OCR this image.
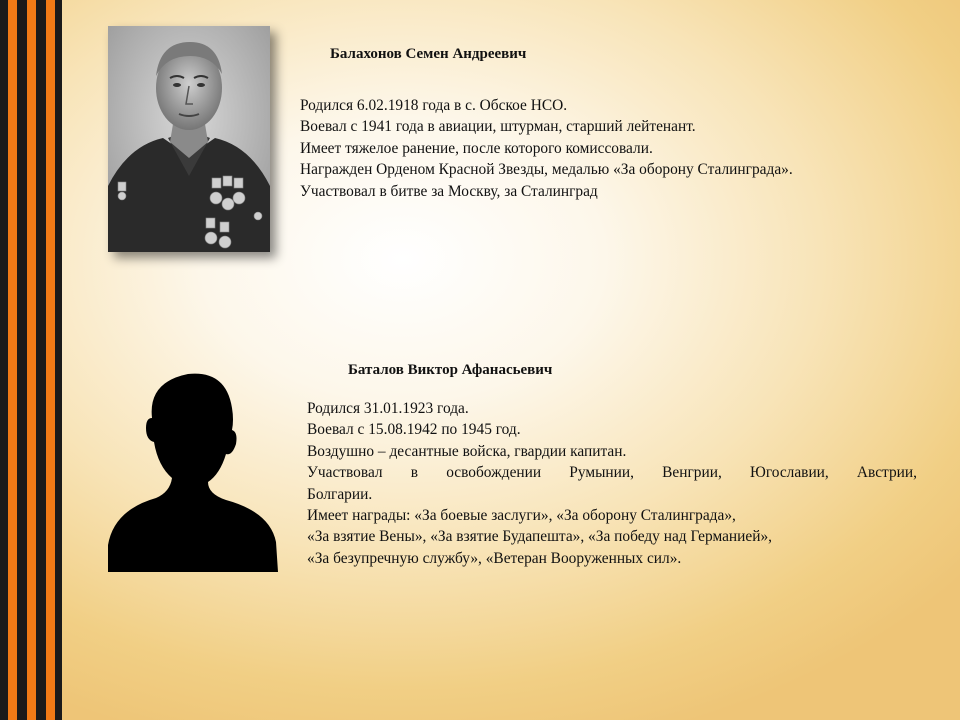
Балахонов Семен Андреевич

Родился 6.02.1918 года в с. Обское НСО.

Воевал с 1941 года в авиации, штурман, старший лейтенант.

Имеет тяжелое ранение, после которого комиссовали.

Награжден Орденом Красной Звезды, медалью «За оборону Сталинграда».

Участвовал в битве за Москву, за Сталинград

Баталов Виктор Афанасьевич

Родился 31.01.1923 года.

Воевал с 15.08.1942 по 1945 год.

Воздушно – десантные войска, гвардии капитан.

Участвовал в освобождении Румынии, Венгрии, Югославии, Австрии,

Болгарии.

Имеет награды: «За боевые заслуги», «За оборону Сталинграда»,

«За взятие Вены», «За взятие Будапешта», «За победу над Германией»,

«За безупречную службу», «Ветеран Вооруженных сил».
